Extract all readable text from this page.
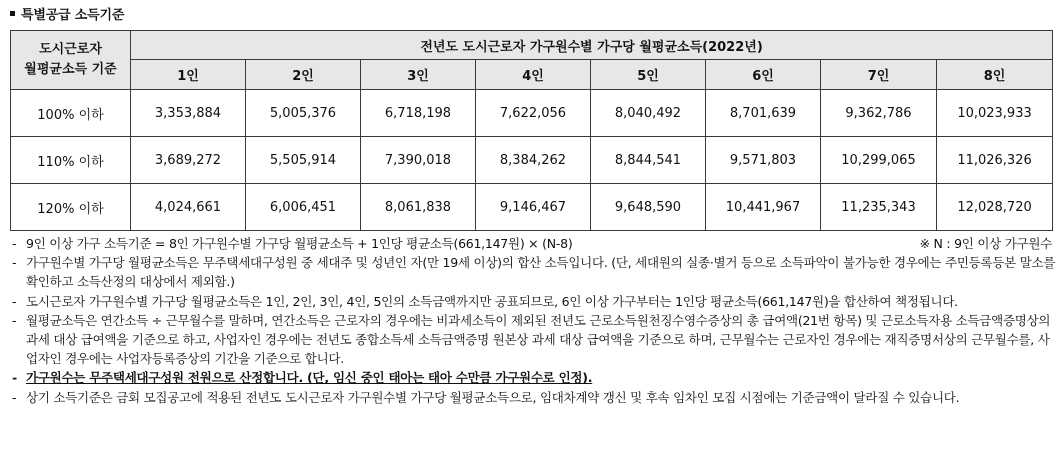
특별공급 소득기준
도시근로자
월평균소득 기준	전년도 도시근로자 가구원수별 가구당 월평균소득(2022년)							
	1인	2인	3인	4인	5인	6인	7인	8인
100% 이하	3,353,884	5,005,376	6,718,198	7,622,056	8,040,492	8,701,639	9,362,786	10,023,933
110% 이하	3,689,272	5,505,914	7,390,018	8,384,262	8,844,541	9,571,803	10,299,065	11,026,326
120% 이하	4,024,661	6,006,451	8,061,838	9,146,467	9,648,590	10,441,967	11,235,343	12,028,720
- 9인 이상 가구 소득기준 = 8인 가구원수별 가구당 월평균소득 + 1인당 평균소득(661,147원) × (N-8)	※ N : 9인 이상 가구원수
- 가구원수별 가구당 월평균소득은 무주택세대구성원 중 세대주 및 성년인 자(만 19세 이상)의 합산 소득입니다. (단, 세대원의 실종·별거 등으로 소득파악이 불가능한 경우에는 주민등록등본 말소를 확인하고 소득산정의 대상에서 제외함.)
- 도시근로자 가구원수별 가구당 월평균소득은 1인, 2인, 3인, 4인, 5인의 소득금액까지만 공표되므로, 6인 이상 가구부터는 1인당 평균소득(661,147원)을 합산하여 책정됩니다.
- 월평균소득은 연간소득 ÷ 근무월수를 말하며, 연간소득은 근로자의 경우에는 비과세소득이 제외된 전년도 근로소득원천징수영수증상의 총 급여액(21번 항목) 및 근로소득자용 소득금액증명상의 과세 대상 급여액을 기준으로 하고, 사업자인 경우에는 전년도 종합소득세 소득금액증명 원본상 과세 대상 급여액을 기준으로 하며, 근무월수는 근로자인 경우에는 재직증명서상의 근무월수를, 사업자인 경우에는 사업자등록증상의 기간을 기준으로 합니다.
- 가구원수는 무주택세대구성원 전원으로 산정합니다. (단, 임신 중인 태아는 태아 수만큼 가구원수로 인정).
- 상기 소득기준은 금회 모집공고에 적용된 전년도 도시근로자 가구원수별 가구당 월평균소득으로, 임대차계약 갱신 및 후속 임차인 모집 시점에는 기준금액이 달라질 수 있습니다.
